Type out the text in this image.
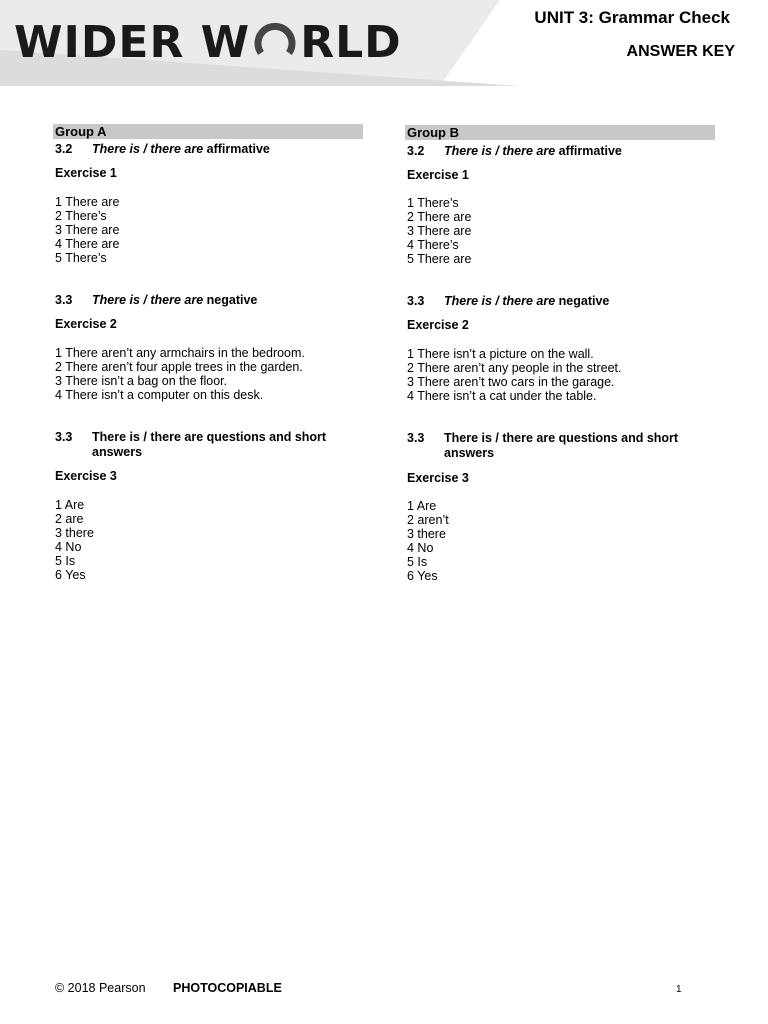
WIDER W RLD	UNIT 3: Grammar Check
ANSWER KEY
Group A
3.2 There is / there are affirmative
Exercise 1
1 There are
2 There’s
3 There are
4 There are
5 There’s
3.3 There is / there are negative
Exercise 2
1 There aren’t any armchairs in the bedroom.
2 There aren’t four apple trees in the garden.
3 There isn’t a bag on the floor.
4 There isn’t a computer on this desk.
3.3 There is / there are questions and short answers
Exercise 3
1 Are
2 are
3 there
4 No
5 Is
6 Yes
Group B
3.2 There is / there are affirmative
Exercise 1
1 There’s
2 There are
3 There are
4 There’s
5 There are
3.3 There is / there are negative
Exercise 2
1 There isn’t a picture on the wall.
2 There aren’t any people in the street.
3 There aren’t two cars in the garage.
4 There isn’t a cat under the table.
3.3 There is / there are questions and short answers
Exercise 3
1 Are
2 aren’t
3 there
4 No
5 Is
6 Yes
© 2018 Pearson PHOTOCOPIABLE	1
